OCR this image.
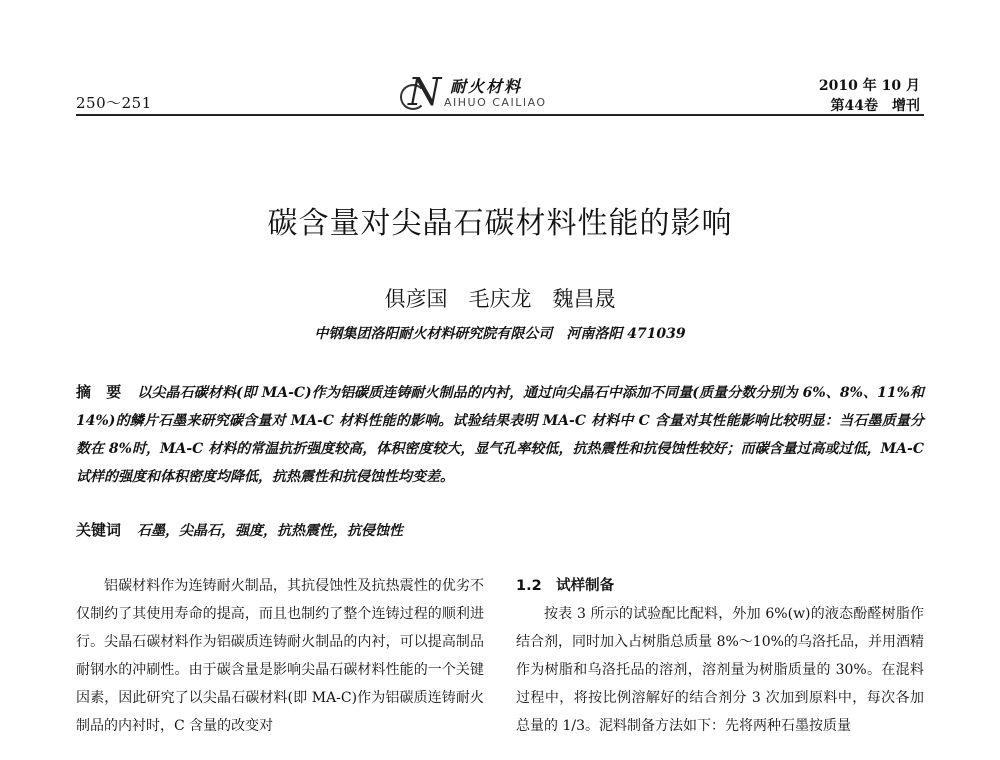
250～251	N 耐火材料
AIHUO CAILIAO
2010 年 10 月
第44卷　增刊
碳含量对尖晶石碳材料性能的影响
俱彦国　毛庆龙　魏昌晟
中钢集团洛阳耐火材料研究院有限公司　河南洛阳 471039
摘　要 以尖晶石碳材料(即 MA-C)作为铝碳质连铸耐火制品的内衬，通过向尖晶石中添加不同量(质量分数分别为 6%、8%、11%和 14%)的鳞片石墨来研究碳含量对 MA-C 材料性能的影响。试验结果表明 MA-C 材料中 C 含量对其性能影响比较明显：当石墨质量分数在 8%时，MA-C 材料的常温抗折强度较高，体积密度较大，显气孔率较低，抗热震性和抗侵蚀性较好；而碳含量过高或过低，MA-C 试样的强度和体积密度均降低，抗热震性和抗侵蚀性均变差。
关键词 石墨，尖晶石，强度，抗热震性，抗侵蚀性

铝碳材料作为连铸耐火制品，其抗侵蚀性及抗热震性的优劣不仅制约了其使用寿命的提高，而且也制约了整个连铸过程的顺利进行。尖晶石碳材料作为铝碳质连铸耐火制品的内衬，可以提高制品耐钢水的冲刷性。由于碳含量是影响尖晶石碳材料性能的一个关键因素，因此研究了以尖晶石碳材料(即 MA-C)作为铝碳质连铸耐火制品的内衬时，C 含量的改变对

1.2　试样制备

按表 3 所示的试验配比配料，外加 6%(w)的液态酚醛树脂作结合剂，同时加入占树脂总质量 8%～10%的乌洛托品，并用酒精作为树脂和乌洛托品的溶剂，溶剂量为树脂质量的 30%。在混料过程中，将按比例溶解好的结合剂分 3 次加到原料中，每次各加总量的 1/3。泥料制备方法如下：先将两种石墨按质量
